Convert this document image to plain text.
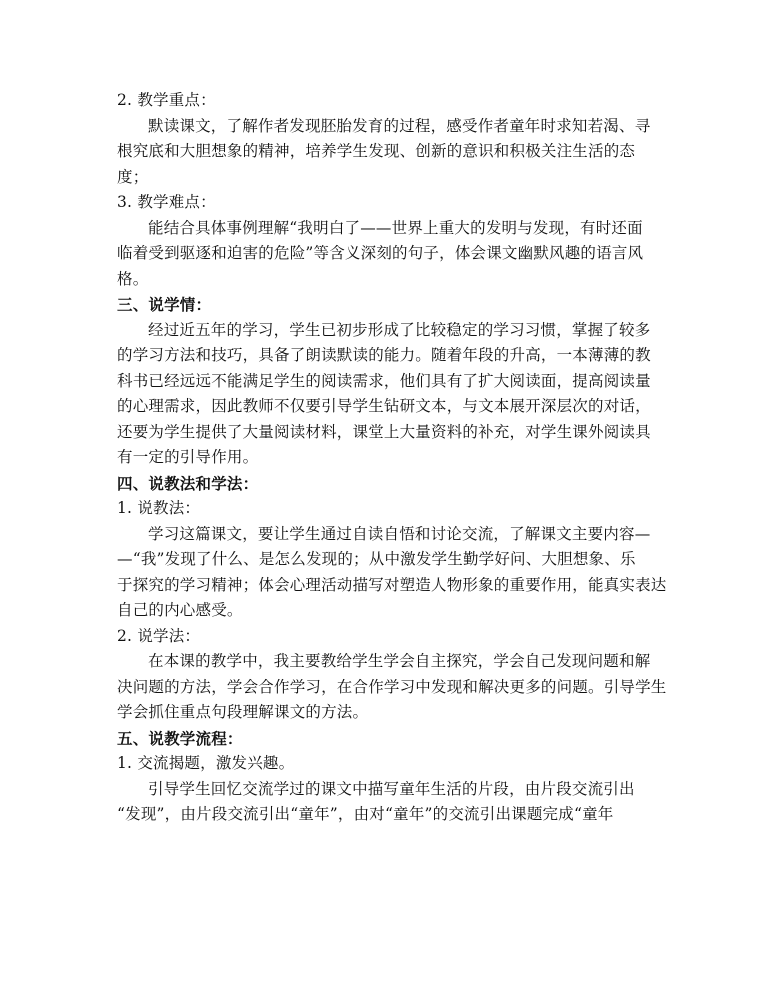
2. 教学重点：
默读课文，了解作者发现胚胎发育的过程，感受作者童年时求知若渴、寻
根究底和大胆想象的精神，培养学生发现、创新的意识和积极关注生活的态
度；
3. 教学难点：
能结合具体事例理解“我明白了——世界上重大的发明与发现，有时还面
临着受到驱逐和迫害的危险”等含义深刻的句子，体会课文幽默风趣的语言风
格。
三、说学情：
经过近五年的学习，学生已初步形成了比较稳定的学习习惯，掌握了较多
的学习方法和技巧，具备了朗读默读的能力。随着年段的升高，一本薄薄的教
科书已经远远不能满足学生的阅读需求，他们具有了扩大阅读面，提高阅读量
的心理需求，因此教师不仅要引导学生钻研文本，与文本展开深层次的对话，
还要为学生提供了大量阅读材料，课堂上大量资料的补充，对学生课外阅读具
有一定的引导作用。
四、说教法和学法：
1. 说教法：
学习这篇课文，要让学生通过自读自悟和讨论交流，了解课文主要内容—
—“我”发现了什么、是怎么发现的；从中激发学生勤学好问、大胆想象、乐
于探究的学习精神；体会心理活动描写对塑造人物形象的重要作用，能真实表达
自己的内心感受。
2. 说学法：
在本课的教学中，我主要教给学生学会自主探究，学会自己发现问题和解
决问题的方法，学会合作学习，在合作学习中发现和解决更多的问题。引导学生
学会抓住重点句段理解课文的方法。
五、说教学流程：
1. 交流揭题，激发兴趣。
引导学生回忆交流学过的课文中描写童年生活的片段，由片段交流引出
“发现”，由片段交流引出“童年”，由对“童年”的交流引出课题完成“童年
